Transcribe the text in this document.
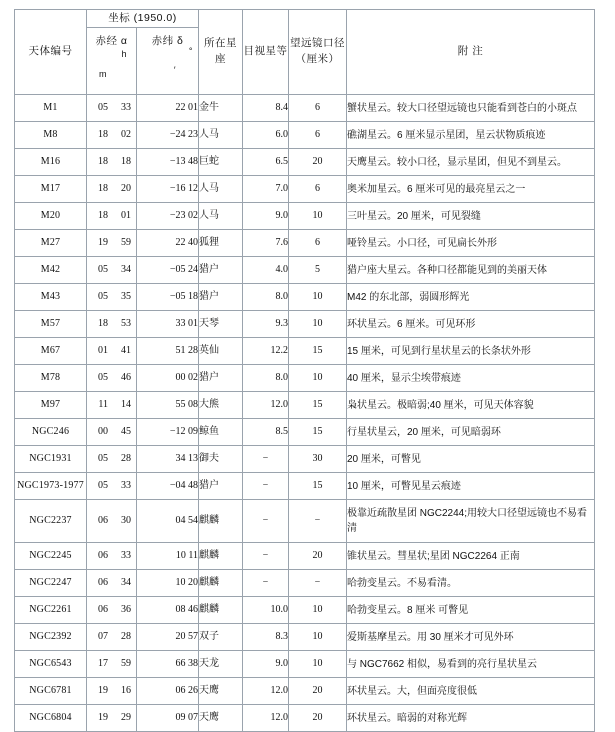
天体编号	坐标 (1950.0)		所在星座	目视星等	望远镜口径（厘米）	附 注

赤经 α
h
m

赤纬 δ
°
′

M1	05 33	22 01	金牛	8.4	6	蟹状星云。较大口径望远镜也只能看到苍白的小斑点
M8	18 02	−24 23	人马	6.0	6	礁湖星云。6 厘米显示星团，星云状物质痕迹
M16	18 18	−13 48	巨蛇	6.5	20	天鹰星云。较小口径，显示星团，但见不到星云。
M17	18 20	−16 12	人马	7.0	6	奥米加星云。6 厘米可见的最亮星云之一
M20	18 01	−23 02	人马	9.0	10	三叶星云。20 厘米，可见裂缝
M27	19 59	22 40	狐狸	7.6	6	哑铃星云。小口径，可见扁长外形
M42	05 34	−05 24	猎户	4.0	5	猎户座大星云。各种口径都能见到的美丽天体
M43	05 35	−05 18	猎户	8.0	10	M42 的东北部，弱圆形辉光
M57	18 53	33 01	天琴	9.3	10	环状星云。6 厘米。可见环形
M67	01 41	51 28	英仙	12.2	15	15 厘米，可见到行星状星云的长条状外形
M78	05 46	00 02	猎户	8.0	10	40 厘米，显示尘埃带痕迹
M97	11 14	55 08	大熊	12.0	15	枭状星云。极暗弱;40 厘米，可见天体容貌
NGC246	00 45	−12 09	鲸鱼	8.5	15	行星状星云，20 厘米，可见暗弱环
NGC1931	05 28	34 13	御夫	−	30	20 厘米，可瞥见
NGC1973-1977	05 33	−04 48	猎户	−	15	10 厘米，可瞥见星云痕迹
NGC2237	06 30	04 54	麒麟	−	−	极靠近疏散星团 NGC2244;用较大口径望远镜也不易看清
NGC2245	06 33	10 11	麒麟	−	20	锥状星云。彗星状;星团 NGC2264 正南
NGC2247	06 34	10 20	麒麟	−	−	哈勃变星云。不易看清。
NGC2261	06 36	08 46	麒麟	10.0	10	哈勃变星云。8 厘米 可瞥见
NGC2392	07 28	20 57	双子	8.3	10	爱斯基摩星云。用 30 厘米才可见外环
NGC6543	17 59	66 38	天龙	9.0	10	与 NGC7662 相似，易看到的亮行星状星云
NGC6781	19 16	06 26	天鹰	12.0	20	环状星云。大，但面亮度很低
NGC6804	19 29	09 07	天鹰	12.0	20	环状星云。暗弱的对称光辉
